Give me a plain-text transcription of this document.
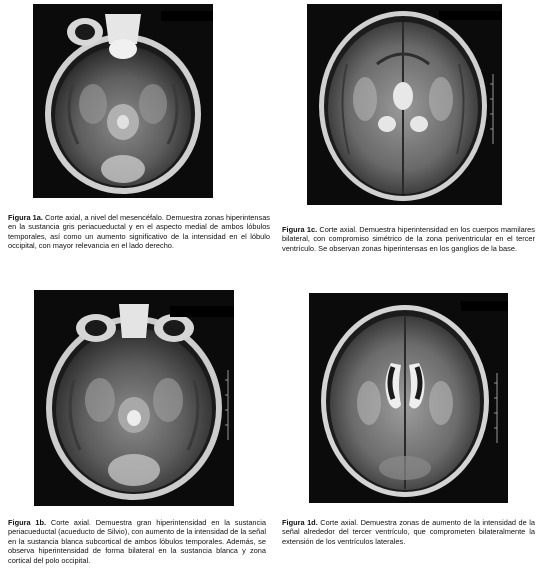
Figura 1a. Corte axial, a nivel del mesencéfalo. Demuestra zonas hiperintensas en la sustancia gris periacueductal y en el aspecto medial de ambos lóbulos temporales, así como un aumento significativo de la intensidad en el lóbulo occipital, con mayor relevancia en el lado derecho.
Figura 1c. Corte axial. Demuestra hiperintensidad en los cuerpos mamilares bilateral, con compromiso simétrico de la zona periventricular en el tercer ventrículo. Se observan zonas hiperintensas en los ganglios de la base.
Figura 1b. Corte axial. Demuestra gran hiperintensidad en la sustancia periacueductal (acueducto de Silvio), con aumento de la intensidad de la señal en la sustancia blanca subcortical de ambos lóbulos temporales. Además, se observa hiperintensidad de forma bilateral en la sustancia blanca y zona cortical del polo occipital.
Figura 1d. Corte axial. Demuestra zonas de aumento de la intensidad de la señal alrededor del tercer ventrículo, que comprometen bilateralmente la extensión de los ventrículos laterales.
